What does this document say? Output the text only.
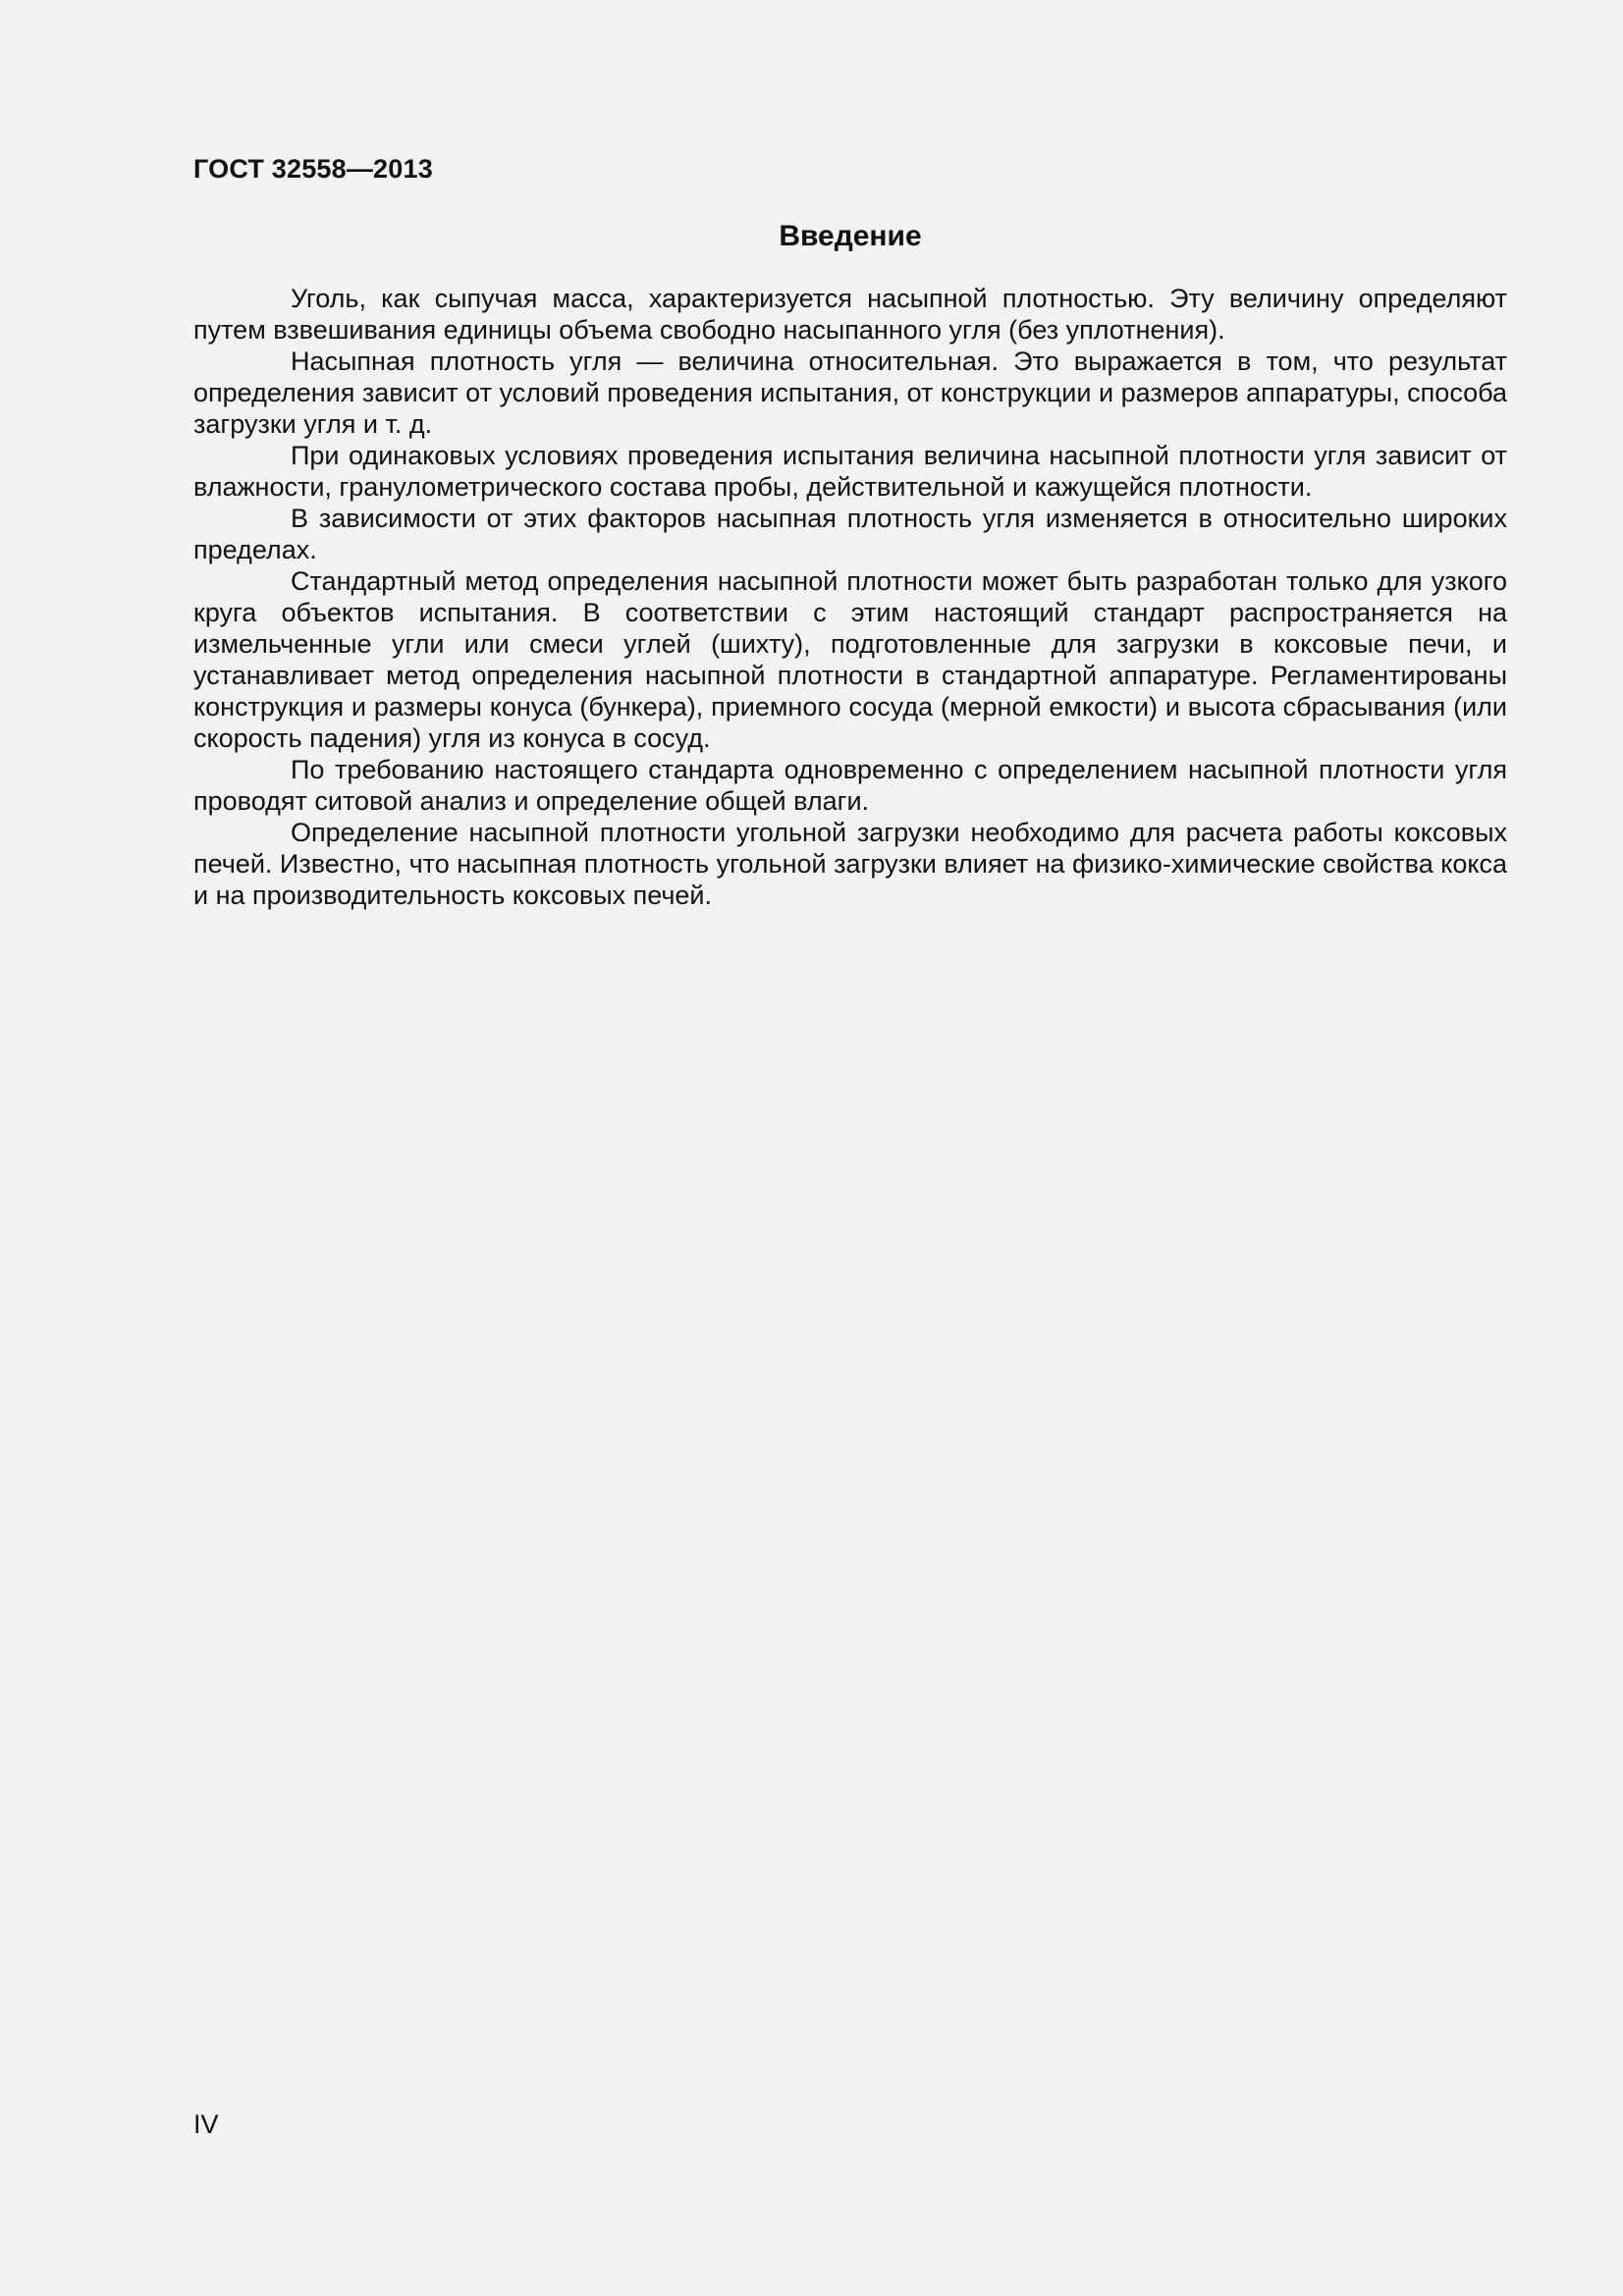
ГОСТ 32558—2013
Введение

Уголь, как сыпучая масса, характеризуется насыпной плотностью. Эту величину определяют путем взвешивания единицы объема свободно насыпанного угля (без уплотнения).

Насыпная плотность угля — величина относительная. Это выражается в том, что результат определения зависит от условий проведения испытания, от конструкции и размеров аппаратуры, способа загрузки угля и т. д.

При одинаковых условиях проведения испытания величина насыпной плотности угля зависит от влажности, гранулометрического состава пробы, действительной и кажущейся плотности.

В зависимости от этих факторов насыпная плотность угля изменяется в относительно широких пределах.

Стандартный метод определения насыпной плотности может быть разработан только для узкого круга объектов испытания. В соответствии с этим настоящий стандарт распространяется на измельченные угли или смеси углей (шихту), подготовленные для загрузки в коксовые печи, и устанавливает метод определения насыпной плотности в стандартной аппаратуре. Регламентированы конструкция и размеры конуса (бункера), приемного сосуда (мерной емкости) и высота сбрасывания (или скорость падения) угля из конуса в сосуд.

По требованию настоящего стандарта одновременно с определением насыпной плотности угля проводят ситовой анализ и определение общей влаги.

Определение насыпной плотности угольной загрузки необходимо для расчета работы коксовых печей. Известно, что насыпная плотность угольной загрузки влияет на физико-химические свойства кокса и на производительность коксовых печей.

IV
